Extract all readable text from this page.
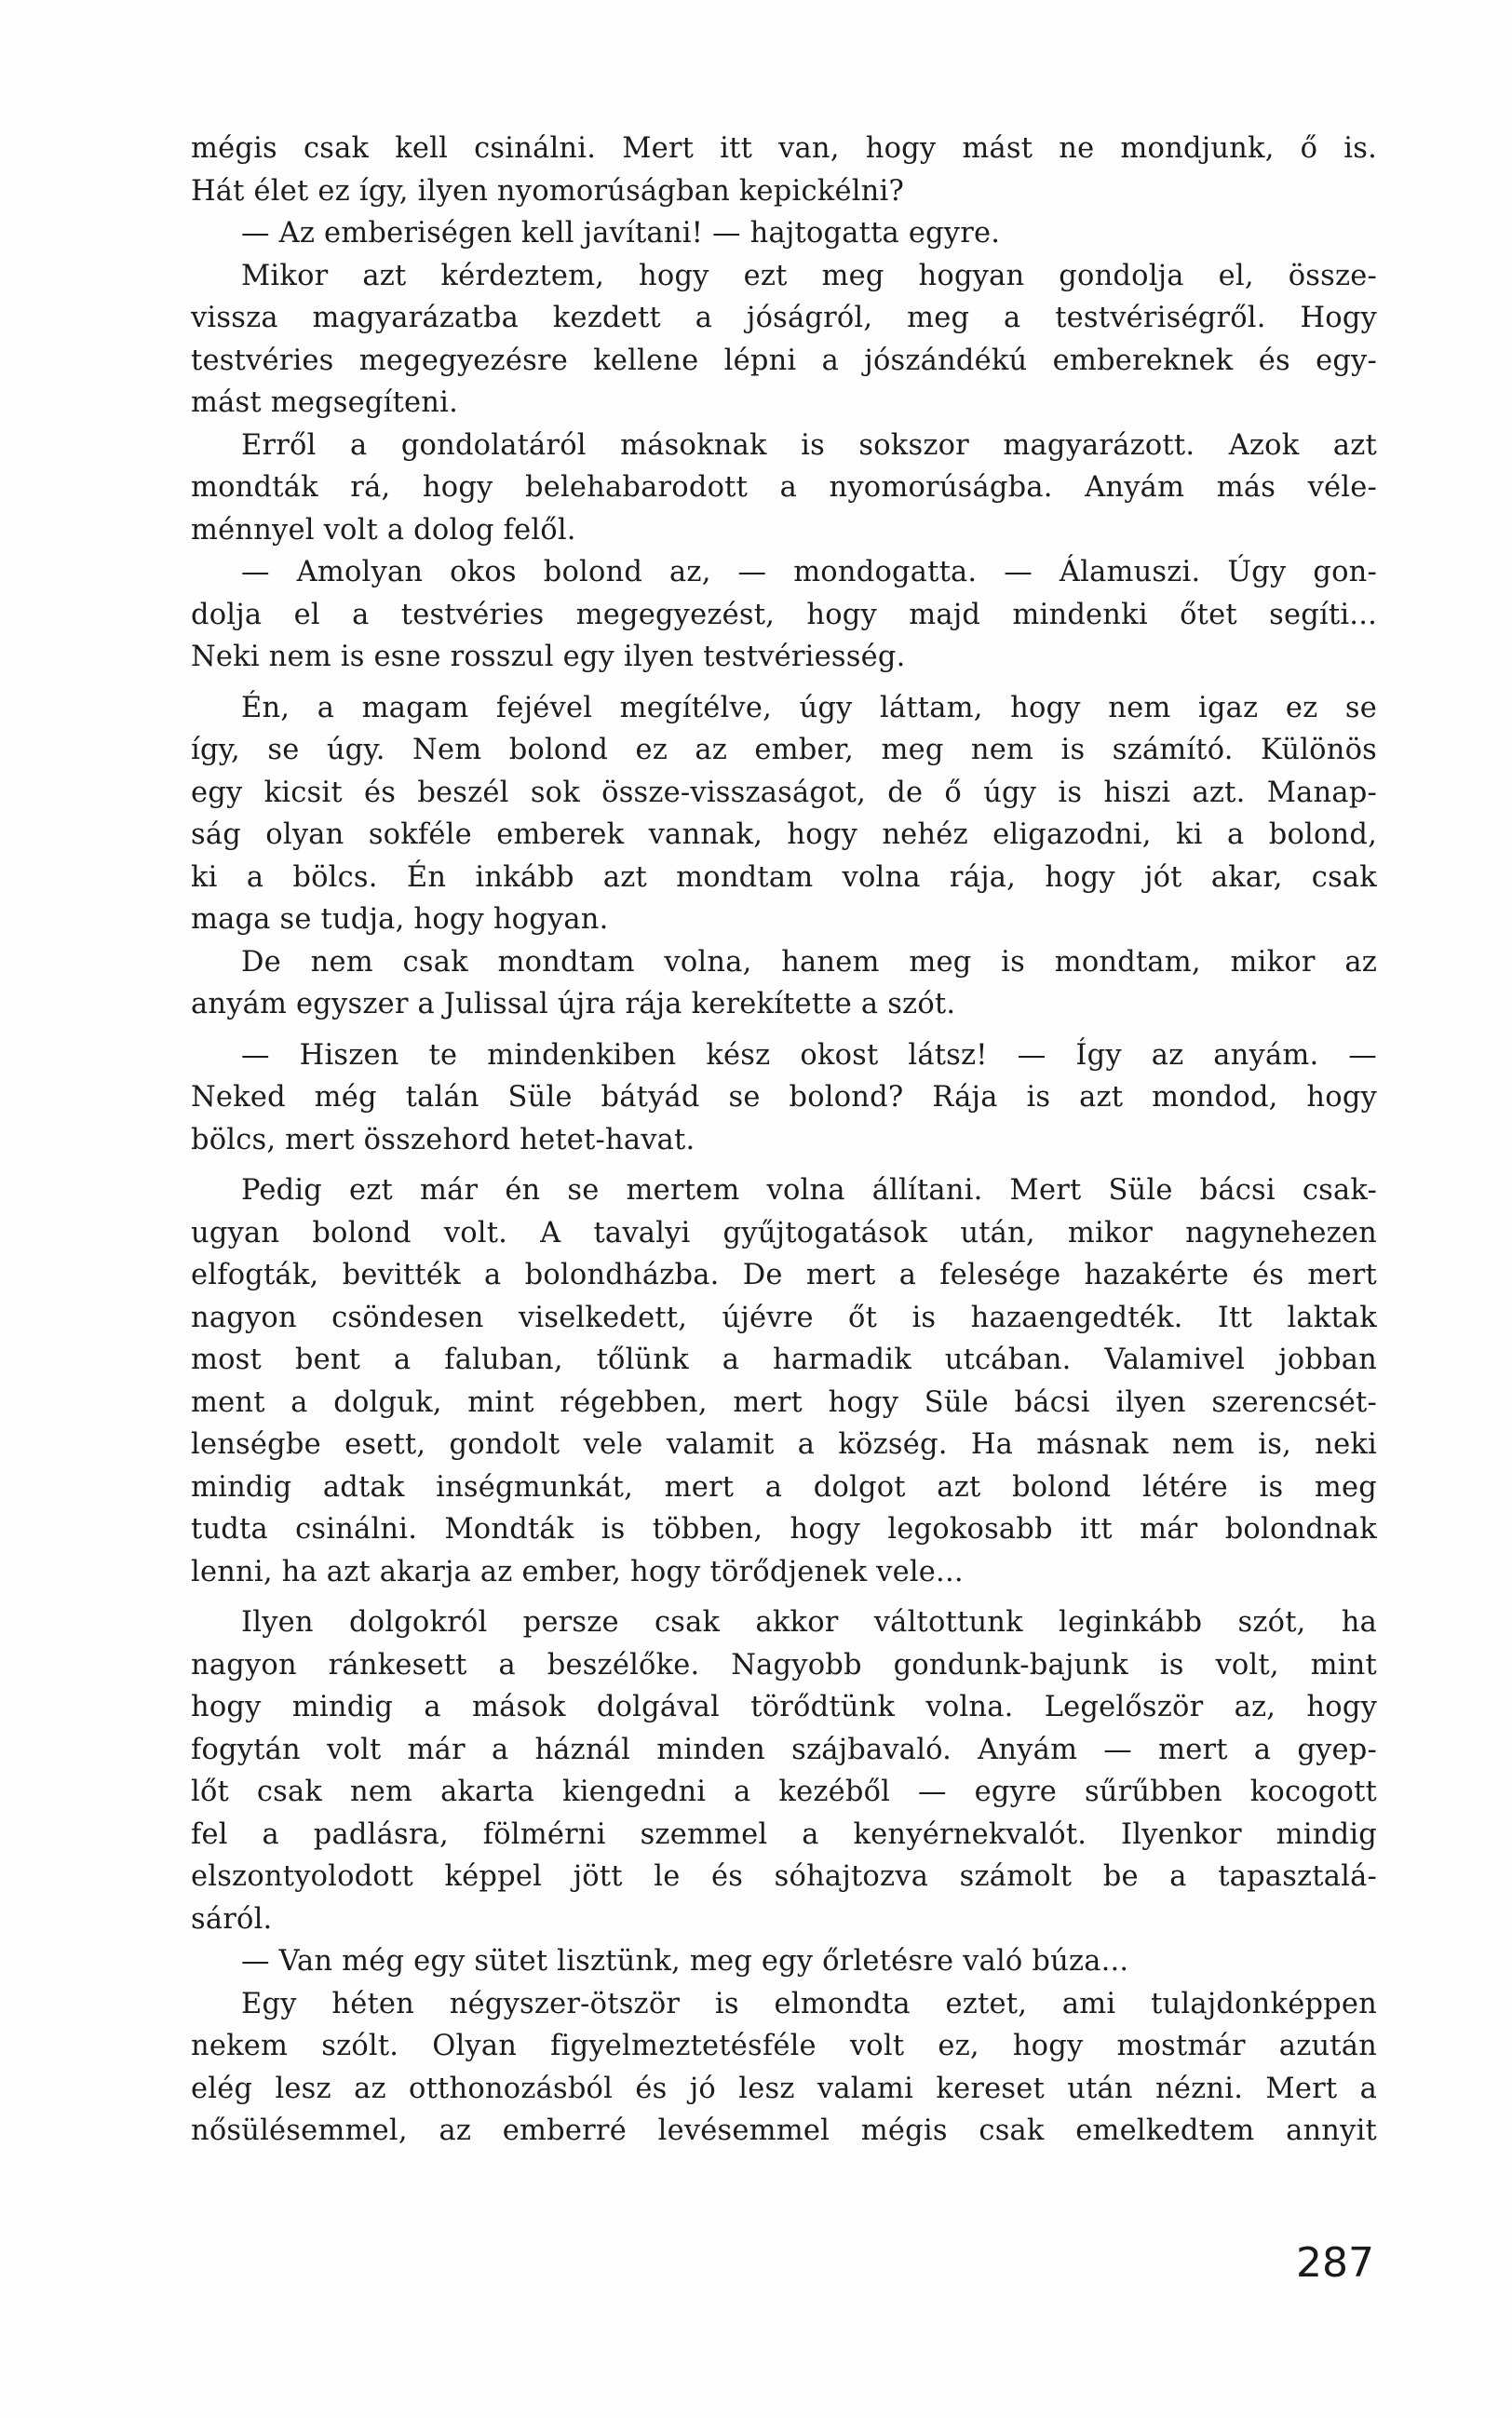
mégis csak kell csinálni. Mert itt van, hogy mást ne mondjunk, ő is.
Hát élet ez így, ilyen nyomorúságban kepickélni?
— Az emberiségen kell javítani! — hajtogatta egyre.
Mikor azt kérdeztem, hogy ezt meg hogyan gondolja el, össze-
vissza magyarázatba kezdett a jóságról, meg a testvériségről. Hogy
testvéries megegyezésre kellene lépni a jószándékú embereknek és egy-
mást megsegíteni.
Erről a gondolatáról másoknak is sokszor magyarázott. Azok azt
mondták rá, hogy belehabarodott a nyomorúságba. Anyám más véle-
ménnyel volt a dolog felől.
— Amolyan okos bolond az, — mondogatta. — Álamuszi. Úgy gon-
dolja el a testvéries megegyezést, hogy majd mindenki őtet segíti...
Neki nem is esne rosszul egy ilyen testvériesség.
Én, a magam fejével megítélve, úgy láttam, hogy nem igaz ez se
így, se úgy. Nem bolond ez az ember, meg nem is számító. Különös
egy kicsit és beszél sok össze-visszaságot, de ő úgy is hiszi azt. Manap-
ság olyan sokféle emberek vannak, hogy nehéz eligazodni, ki a bolond,
ki a bölcs. Én inkább azt mondtam volna rája, hogy jót akar, csak
maga se tudja, hogy hogyan.
De nem csak mondtam volna, hanem meg is mondtam, mikor az
anyám egyszer a Julissal újra rája kerekítette a szót.
— Hiszen te mindenkiben kész okost látsz! — Így az anyám. —
Neked még talán Süle bátyád se bolond? Rája is azt mondod, hogy
bölcs, mert összehord hetet-havat.
Pedig ezt már én se mertem volna állítani. Mert Süle bácsi csak-
ugyan bolond volt. A tavalyi gyűjtogatások után, mikor nagynehezen
elfogták, bevitték a bolondházba. De mert a felesége hazakérte és mert
nagyon csöndesen viselkedett, újévre őt is hazaengedték. Itt laktak
most bent a faluban, tőlünk a harmadik utcában. Valamivel jobban
ment a dolguk, mint régebben, mert hogy Süle bácsi ilyen szerencsét-
lenségbe esett, gondolt vele valamit a község. Ha másnak nem is, neki
mindig adtak inségmunkát, mert a dolgot azt bolond létére is meg
tudta csinálni. Mondták is többen, hogy legokosabb itt már bolondnak
lenni, ha azt akarja az ember, hogy törődjenek vele...
Ilyen dolgokról persze csak akkor váltottunk leginkább szót, ha
nagyon ránkesett a beszélőke. Nagyobb gondunk-bajunk is volt, mint
hogy mindig a mások dolgával törődtünk volna. Legelőször az, hogy
fogytán volt már a háznál minden szájbavaló. Anyám — mert a gyep-
lőt csak nem akarta kiengedni a kezéből — egyre sűrűbben kocogott
fel a padlásra, fölmérni szemmel a kenyérnekvalót. Ilyenkor mindig
elszontyolodott képpel jött le és sóhajtozva számolt be a tapasztalá-
sáról.
— Van még egy sütet lisztünk, meg egy őrletésre való búza...
Egy héten négyszer-ötször is elmondta eztet, ami tulajdonképpen
nekem szólt. Olyan figyelmeztetésféle volt ez, hogy mostmár azután
elég lesz az otthonozásból és jó lesz valami kereset után nézni. Mert a
nősülésemmel, az emberré levésemmel mégis csak emelkedtem annyit
287
